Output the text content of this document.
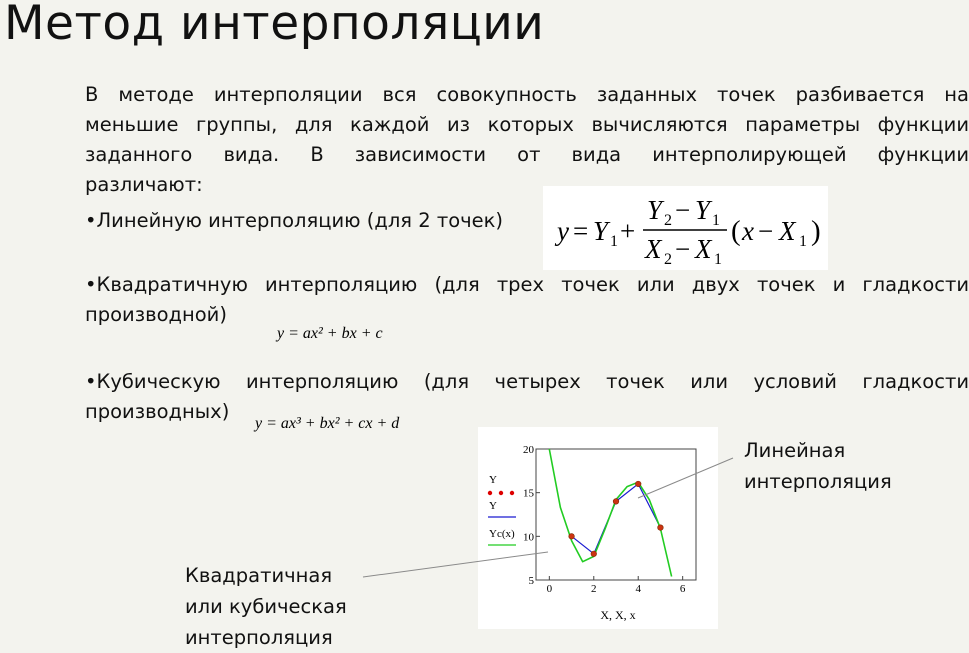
Метод интерполяции
В методе интерполяции вся совокупность заданных точек разбивается на
меньшие группы, для каждой из которых вычисляются параметры функции
заданного вида. В зависимости от вида интерполирующей функции
различают:
•Линейную интерполяцию (для 2 точек)	y = Y 1 +
Y 2 − Y 1
X 2 − X 1
( x − X 1 )
•Квадратичную интерполяцию (для трех точек или двух точек и гладкости
производной)
y = ax² + bx + c
•Кубическую интерполяцию (для четырех точек или условий гладкости
производных)
y = ax³ + bx² + cx + d
0	2	4	6
5
10
15
20
Y
Y
Yc(x)
X, X, x
Линейная
интерполяция
Квадратичная
или кубическая
интерполяция
